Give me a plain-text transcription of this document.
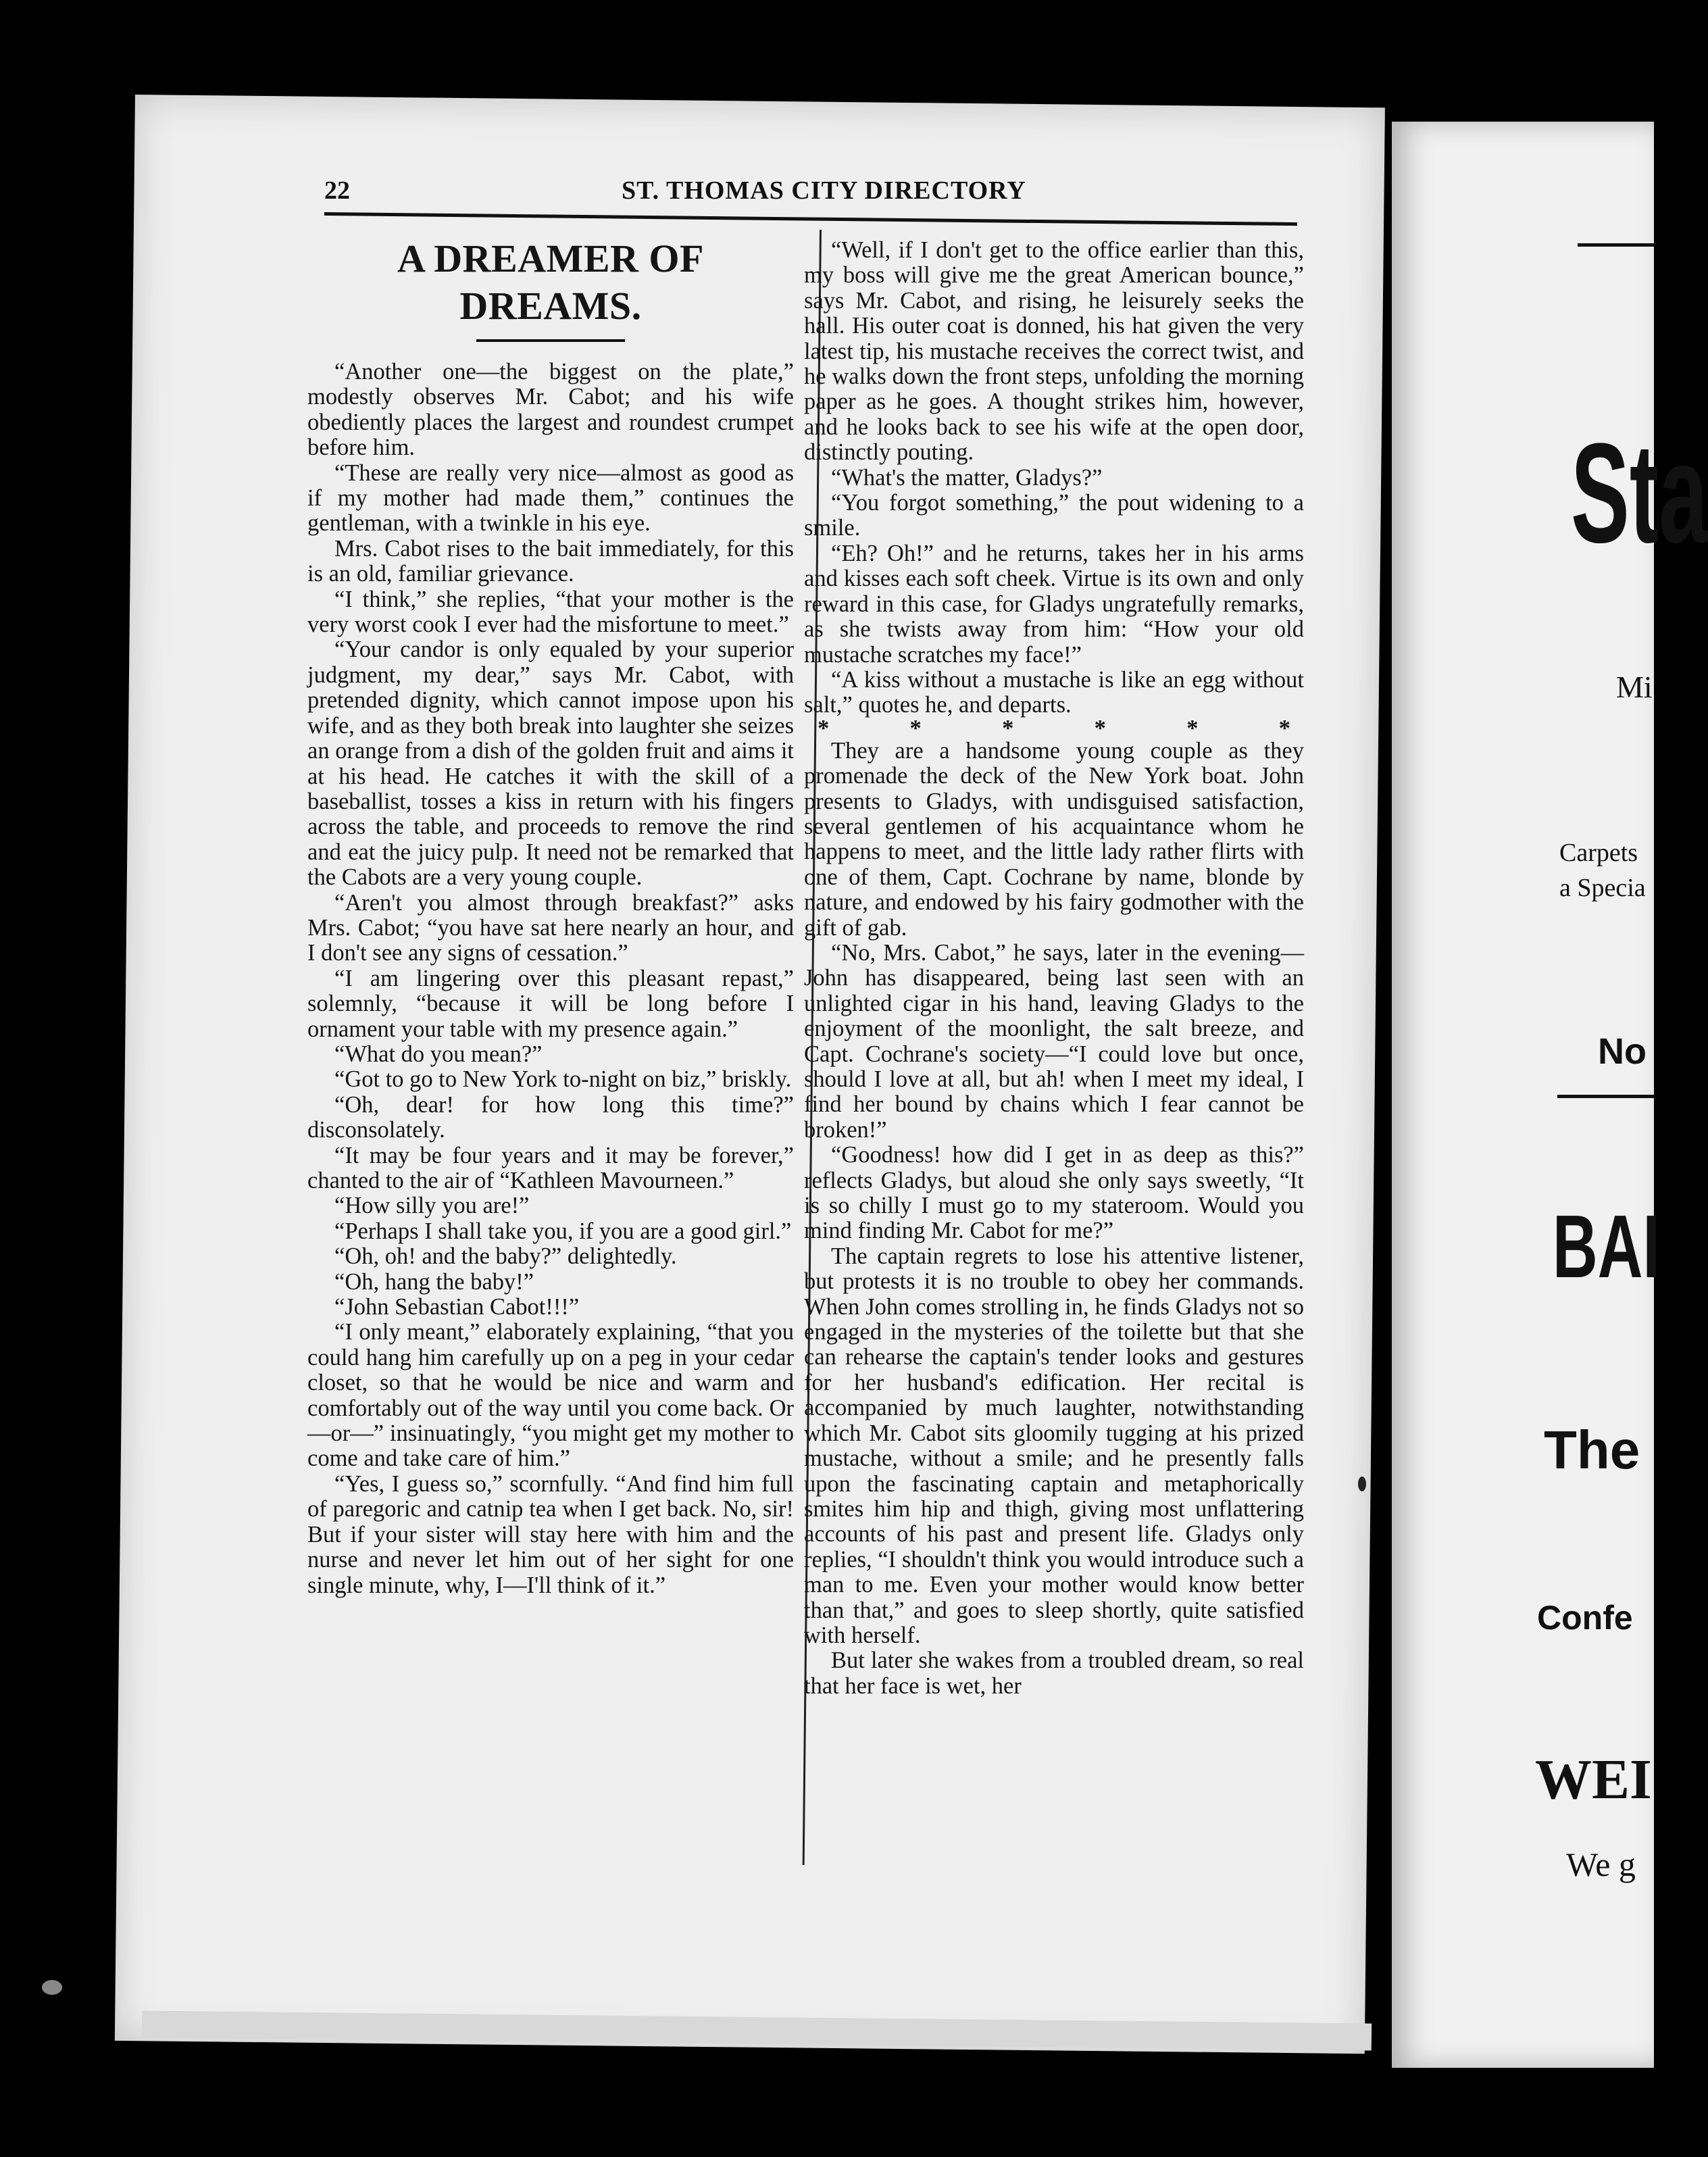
22	ST. THOMAS CITY DIRECTORY
A DREAMER OF DREAMS.

“Another one—the biggest on the plate,” modestly observes Mr. Cabot; and his wife obediently places the largest and roundest crumpet before him.

“These are really very nice—almost as good as if my mother had made them,” continues the gentleman, with a twinkle in his eye.

Mrs. Cabot rises to the bait immediately, for this is an old, familiar grievance.

“I think,” she replies, “that your mother is the very worst cook I ever had the misfortune to meet.”

“Your candor is only equaled by your superior judgment, my dear,” says Mr. Cabot, with pretended dignity, which cannot impose upon his wife, and as they both break into laughter she seizes an orange from a dish of the golden fruit and aims it at his head. He catches it with the skill of a baseballist, tosses a kiss in return with his fingers across the table, and proceeds to remove the rind and eat the juicy pulp. It need not be remarked that the Cabots are a very young couple.

“Aren't you almost through breakfast?” asks Mrs. Cabot; “you have sat here nearly an hour, and I don't see any signs of cessation.”

“I am lingering over this pleasant repast,” solemnly, “because it will be long before I ornament your table with my presence again.”

“What do you mean?”

“Got to go to New York to-night on biz,” briskly.

“Oh, dear! for how long this time?” disconsolately.

“It may be four years and it may be forever,” chanted to the air of “Kathleen Mavourneen.”

“How silly you are!”

“Perhaps I shall take you, if you are a good girl.”

“Oh, oh! and the baby?” delightedly.

“Oh, hang the baby!”

“John Sebastian Cabot!!!”

“I only meant,” elaborately explaining, “that you could hang him carefully up on a peg in your cedar closet, so that he would be nice and warm and comfortably out of the way until you come back. Or—or—” insinuatingly, “you might get my mother to come and take care of him.”

“Yes, I guess so,” scornfully. “And find him full of paregoric and catnip tea when I get back. No, sir! But if your sister will stay here with him and the nurse and never let him out of her sight for one single minute, why, I—I'll think of it.”

“Well, if I don't get to the office earlier than this, my boss will give me the great American bounce,” says Mr. Cabot, and rising, he leisurely seeks the hall. His outer coat is donned, his hat given the very latest tip, his mustache receives the correct twist, and he walks down the front steps, unfolding the morning paper as he goes. A thought strikes him, however, and he looks back to see his wife at the open door, distinctly pouting.

“What's the matter, Gladys?”

“You forgot something,” the pout widening to a smile.

“Eh? Oh!” and he returns, takes her in his arms and kisses each soft cheek. Virtue is its own and only reward in this case, for Gladys ungratefully remarks, as she twists away from him: “How your old mustache scratches my face!”

“A kiss without a mustache is like an egg without salt,” quotes he, and departs.

*	*	*	*	*	*

They are a handsome young couple as they promenade the deck of the New York boat. John presents to Gladys, with undisguised satisfaction, several gentlemen of his acquaintance whom he happens to meet, and the little lady rather flirts with one of them, Capt. Cochrane by name, blonde by nature, and endowed by his fairy godmother with the gift of gab.

“No, Mrs. Cabot,” he says, later in the evening—John has disappeared, being last seen with an unlighted cigar in his hand, leaving Gladys to the enjoyment of the moonlight, the salt breeze, and Capt. Cochrane's society—“I could love but once, should I love at all, but ah! when I meet my ideal, I find her bound by chains which I fear cannot be broken!”

“Goodness! how did I get in as deep as this?” reflects Gladys, but aloud she only says sweetly, “It is so chilly I must go to my stateroom. Would you mind finding Mr. Cabot for me?”

The captain regrets to lose his attentive listener, but protests it is no trouble to obey her commands. When John comes strolling in, he finds Gladys not so engaged in the mysteries of the toilette but that she can rehearse the captain's tender looks and gestures for her husband's edification. Her recital is accompanied by much laughter, notwithstanding which Mr. Cabot sits gloomily tugging at his prized mustache, without a smile; and he presently falls upon the fascinating captain and metaphorically smites him hip and thigh, giving most unflattering accounts of his past and present life. Gladys only replies, “I shouldn't think you would introduce such a man to me. Even your mother would know better than that,” and goes to sleep shortly, quite satisfied with herself.

But later she wakes from a troubled dream, so real that her face is wet, her

Sta
Mi
Carpets
a Specia
No
BAI
The
Confe
WEI
We g
